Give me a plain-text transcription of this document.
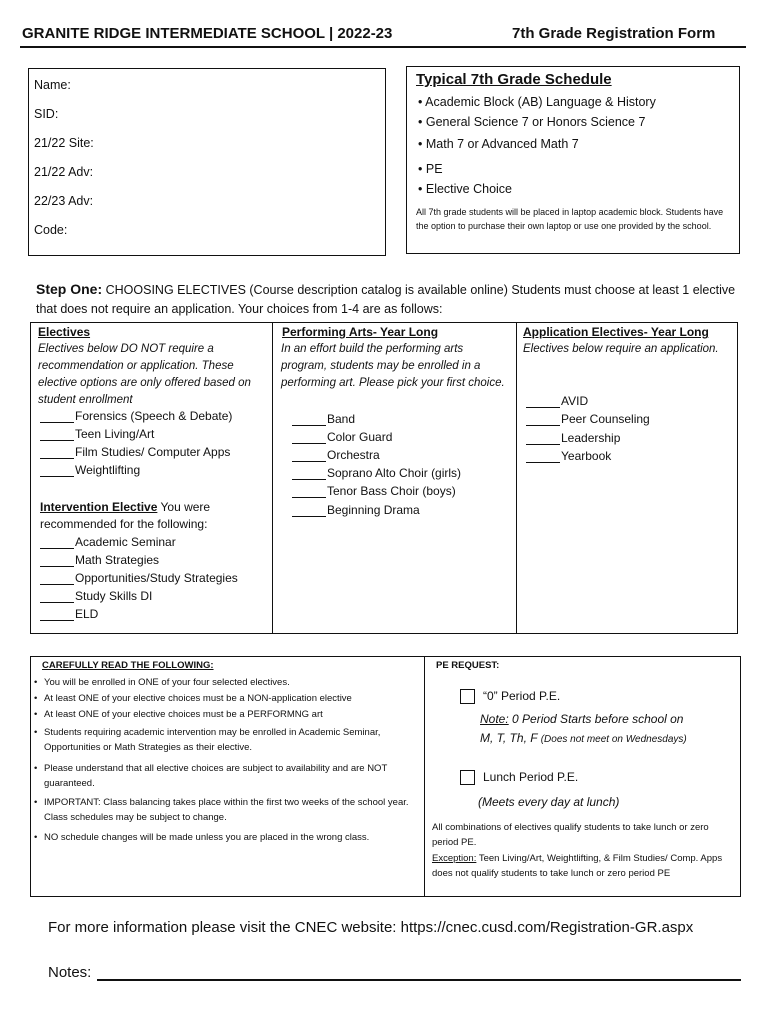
GRANITE RIDGE INTERMEDIATE SCHOOL | 2022-23	7th Grade Registration Form
Name:
SID:
21/22 Site:
21/22 Adv:
22/23 Adv:
Code:
Typical 7th Grade Schedule
• Academic Block (AB) Language & History
• General Science 7 or Honors Science 7
• Math 7 or Advanced Math 7
• PE
• Elective Choice
All 7th grade students will be placed in laptop academic block. Students have the option to purchase their own laptop or use one provided by the school.
Step One: CHOOSING ELECTIVES (Course description catalog is available online) Students must choose at least 1 elective that does not require an application. Your choices from 1-4 are as follows:
Electives
Electives below DO NOT require a recommendation or application. These elective options are only offered based on student enrollment
Forensics (Speech & Debate)
Teen Living/Art
Film Studies/ Computer Apps
Weightlifting
Intervention Elective You were recommended for the following:
Academic Seminar
Math Strategies
Opportunities/Study Strategies
Study Skills DI
ELD
Performing Arts- Year Long
In an effort build the performing arts program, students may be enrolled in a performing art. Please pick your first choice.
Band
Color Guard
Orchestra
Soprano Alto Choir (girls)
Tenor Bass Choir (boys)
Beginning Drama
Application Electives- Year Long
Electives below require an application.
AVID
Peer Counseling
Leadership
Yearbook
CAREFULLY READ THE FOLLOWING:
• You will be enrolled in ONE of your four selected electives.
• At least ONE of your elective choices must be a NON-application elective
• At least ONE of your elective choices must be a PERFORMNG art
• Students requiring academic intervention may be enrolled in Academic Seminar, Opportunities or Math Strategies as their elective.
• Please understand that all elective choices are subject to availability and are NOT guaranteed.
• IMPORTANT: Class balancing takes place within the first two weeks of the school year. Class schedules may be subject to change.
• NO schedule changes will be made unless you are placed in the wrong class.
PE REQUEST:
“0” Period P.E.
Note: 0 Period Starts before school on
M, T, Th, F (Does not meet on Wednesdays)
Lunch Period P.E.
(Meets every day at lunch)
All combinations of electives qualify students to take lunch or zero period PE.
Exception: Teen Living/Art, Weightlifting, & Film Studies/ Comp. Apps does not qualify students to take lunch or zero period PE
For more information please visit the CNEC website: https://cnec.cusd.com/Registration-GR.aspx
Notes:
